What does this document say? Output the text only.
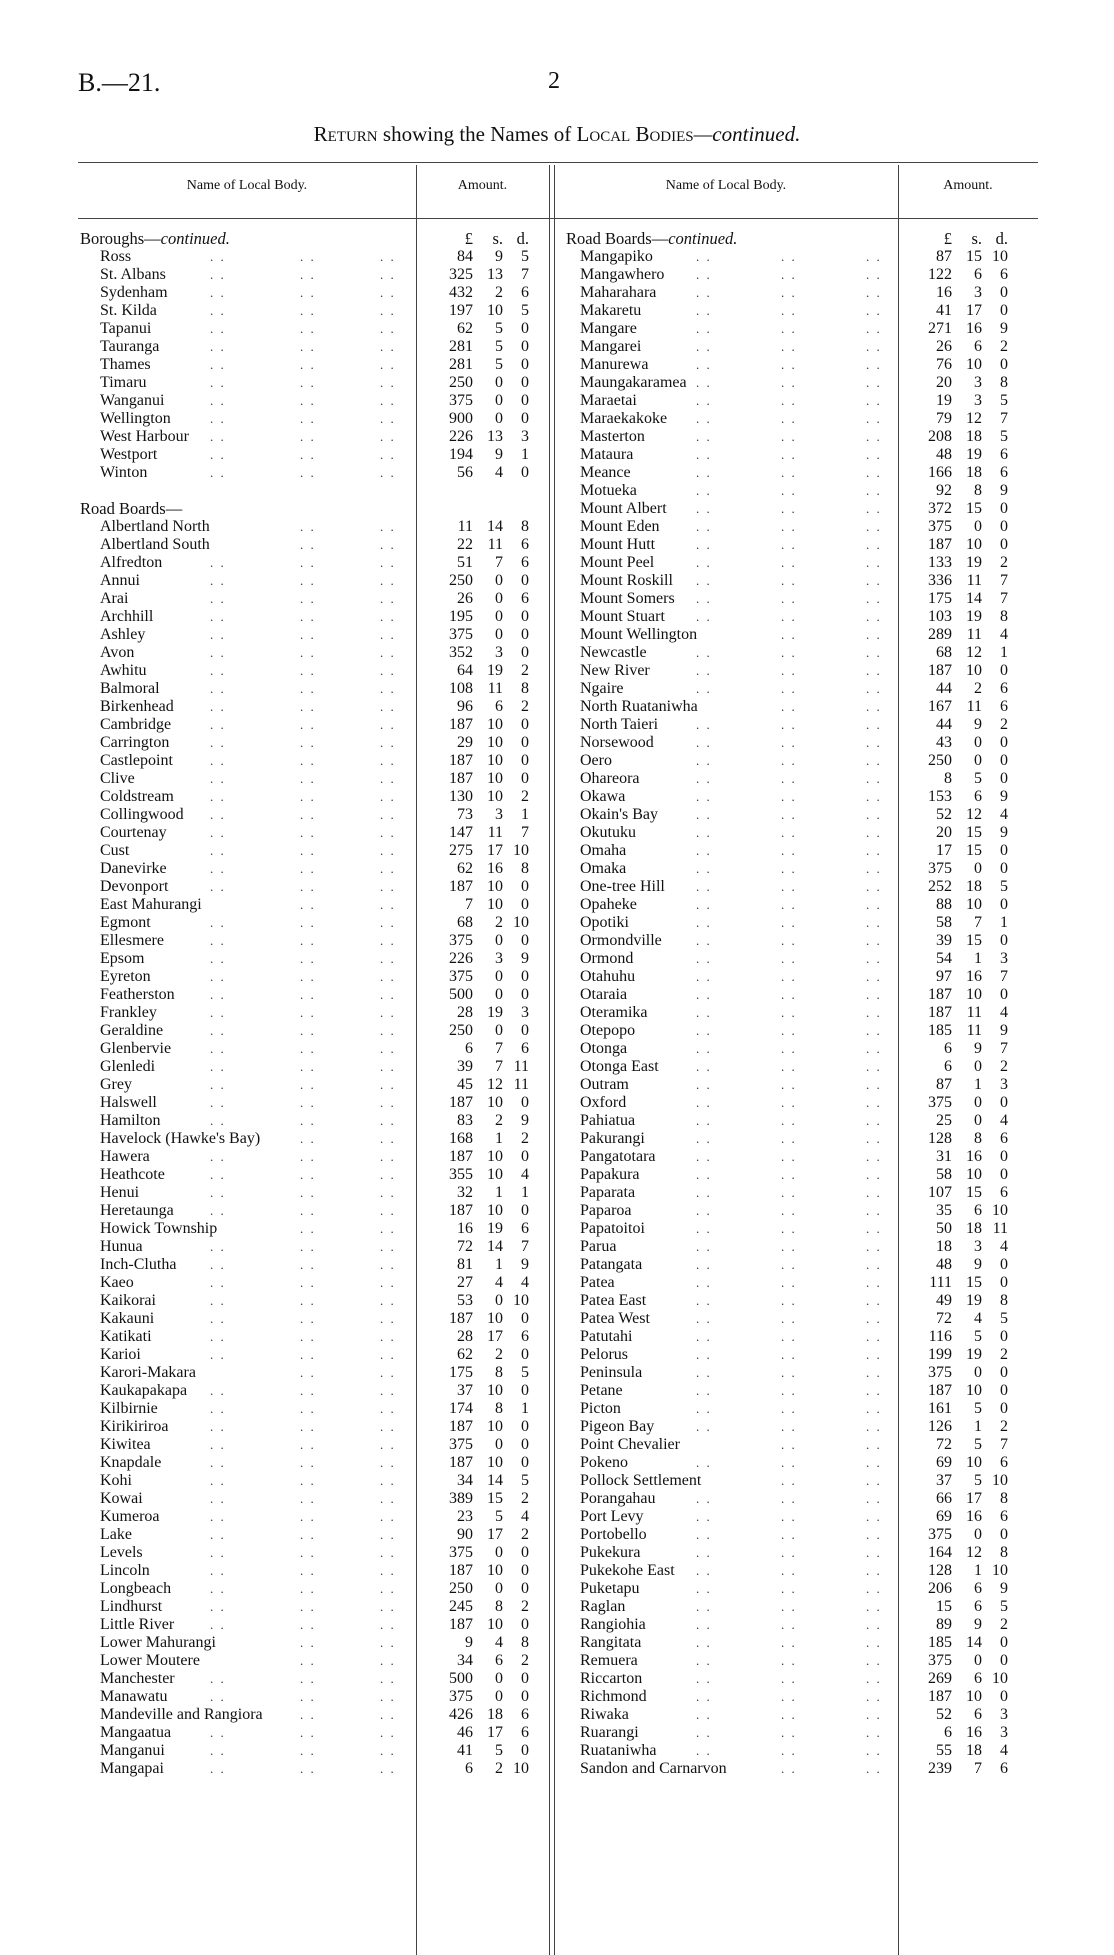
B.—21.	2
Return showing the Names of Local Bodies—continued.
Name of Local Body.	Amount.	Name of Local Body.	Amount.
Boroughs—continued.	£	s. d.
Ross	. .	. .	. .	84	9	5
St. Albans	. .	. .	. .	325 13	7
Sydenham	. .	. .	. .	432	2	6
St. Kilda	. .	. .	. .	197 10	5
Tapanui	. .	. .	. .	62	5	0
Tauranga	. .	. .	. .	281	5	0
Thames	. .	. .	. .	281	5	0
Timaru	. .	. .	. .	250	0	0
Wanganui	. .	. .	. .	375	0	0
Wellington	. .	. .	. .	900	0	0
West Harbour . .	. .	. .	226 13	3
Westport	. .	. .	. .	194	9	1
Winton	. .	. .	. .	56	4	0
Road Boards—
Albertland North	. .	. .	11 14	8
Albertland South	. .	. .	22 11	6
Alfredton	. .	. .	. .	51	7	6
Annui	. .	. .	. .	250	0	0
Arai	. .	. .	. .	26	0	6
Archhill	. .	. .	. .	195	0	0
Ashley	. .	. .	. .	375	0	0
Avon	. .	. .	. .	352	3	0
Awhitu	. .	. .	. .	64 19	2
Balmoral	. .	. .	. .	108 11	8
Birkenhead	. .	. .	. .	96	6	2
Cambridge	. .	. .	. .	187 10	0
Carrington	. .	. .	. .	29 10	0
Castlepoint	. .	. .	. .	187 10	0
Clive	. .	. .	. .	187 10	0
Coldstream	. .	. .	. .	130 10	2
Collingwood . .	. .	. .	73	3	1
Courtenay	. .	. .	. .	147 11	7
Cust	. .	. .	. .	275 17 10
Danevirke	. .	. .	. .	62 16	8
Devonport	. .	. .	. .	187 10	0
East Mahurangi	. .	. .	7 10	0
Egmont	. .	. .	. .	68	2 10
Ellesmere	. .	. .	. .	375	0	0
Epsom	. .	. .	. .	226	3	9
Eyreton	. .	. .	. .	375	0	0
Featherston	. .	. .	. .	500	0	0
Frankley	. .	. .	. .	28 19	3
Geraldine	. .	. .	. .	250	0	0
Glenbervie	. .	. .	. .	6	7	6
Glenledi	. .	. .	. .	39	7 11
Grey	. .	. .	. .	45 12 11
Halswell	. .	. .	. .	187 10	0
Hamilton	. .	. .	. .	83	2	9
Havelock (Hawke's Bay)	. .	. .	168	1	2
Hawera	. .	. .	. .	187 10	0
Heathcote	. .	. .	. .	355 10	4
Henui	. .	. .	. .	32	1	1
Heretaunga	. .	. .	. .	187 10	0
Howick Township	. .	. .	16 19	6
Hunua	. .	. .	. .	72 14	7
Inch-Clutha	. .	. .	. .	81	1	9
Kaeo	. .	. .	. .	27	4	4
Kaikorai	. .	. .	. .	53	0 10
Kakauni	. .	. .	. .	187 10	0
Katikati	. .	. .	. .	28 17	6
Karioi	. .	. .	. .	62	2	0
Karori-Makara	. .	. .	175	8	5
Kaukapakapa . .	. .	. .	37 10	0
Kilbirnie	. .	. .	. .	174	8	1
Kirikiriroa	. .	. .	. .	187 10	0
Kiwitea	. .	. .	. .	375	0	0
Knapdale	. .	. .	. .	187 10	0
Kohi	. .	. .	. .	34 14	5
Kowai	. .	. .	. .	389 15	2
Kumeroa	. .	. .	. .	23	5	4
Lake	. .	. .	. .	90 17	2
Levels	. .	. .	. .	375	0	0
Lincoln	. .	. .	. .	187 10	0
Longbeach	. .	. .	. .	250	0	0
Lindhurst	. .	. .	. .	245	8	2
Little River	. .	. .	. .	187 10	0
Lower Mahurangi	. .	. .	9	4	8
Lower Moutere	. .	. .	34	6	2
Manchester	. .	. .	. .	500	0	0
Manawatu	. .	. .	. .	375	0	0
Mandeville and Rangiora	. .	. .	426 18	6
Mangaatua	. .	. .	. .	46 17	6
Manganui	. .	. .	. .	41	5	0
Mangapai	. .	. .	. .	6	2 10
Road Boards—continued.	£	s. d.
Mangapiko	. .	. .	. .	87 15 10
Mangawhero . .	. .	. .	122	6	6
Maharahara	. .	. .	. .	16	3	0
Makaretu	. .	. .	. .	41 17	0
Mangare	. .	. .	. .	271 16	9
Mangarei	. .	. .	. .	26	6	2
Manurewa	. .	. .	. .	76 10	0
Maungakaramea . .	. .	. .	20	3	8
Maraetai	. .	. .	. .	19	3	5
Maraekakoke . .	. .	. .	79 12	7
Masterton	. .	. .	. .	208 18	5
Mataura	. .	. .	. .	48 19	6
Meance	. .	. .	. .	166 18	6
Motueka	. .	. .	. .	92	8	9
Mount Albert . .	. .	. .	372 15	0
Mount Eden	. .	. .	. .	375	0	0
Mount Hutt	. .	. .	. .	187 10	0
Mount Peel	. .	. .	. .	133 19	2
Mount Roskill . .	. .	. .	336 11	7
Mount Somers . .	. .	. .	175 14	7
Mount Stuart . .	. .	. .	103 19	8
Mount Wellington	. .	. .	289 11	4
Newcastle	. .	. .	. .	68 12	1
New River	. .	. .	. .	187 10	0
Ngaire	. .	. .	. .	44	2	6
North Ruataniwha	. .	. .	167 11	6
North Taieri	. .	. .	. .	44	9	2
Norsewood	. .	. .	. .	43	0	0
Oero	. .	. .	. .	250	0	0
Ohareora	. .	. .	. .	8	5	0
Okawa	. .	. .	. .	153	6	9
Okain's Bay	. .	. .	. .	52 12	4
Okutuku	. .	. .	. .	20 15	9
Omaha	. .	. .	. .	17 15	0
Omaka	. .	. .	. .	375	0	0
One-tree Hill . .	. .	. .	252 18	5
Opaheke	. .	. .	. .	88 10	0
Opotiki	. .	. .	. .	58	7	1
Ormondville	. .	. .	. .	39 15	0
Ormond	. .	. .	. .	54	1	3
Otahuhu	. .	. .	. .	97 16	7
Otaraia	. .	. .	. .	187 10	0
Oteramika	. .	. .	. .	187 11	4
Otepopo	. .	. .	. .	185 11	9
Otonga	. .	. .	. .	6	9	7
Otonga East	. .	. .	. .	6	0	2
Outram	. .	. .	. .	87	1	3
Oxford	. .	. .	. .	375	0	0
Pahiatua	. .	. .	. .	25	0	4
Pakurangi	. .	. .	. .	128	8	6
Pangatotara	. .	. .	. .	31 16	0
Papakura	. .	. .	. .	58 10	0
Paparata	. .	. .	. .	107 15	6
Paparoa	. .	. .	. .	35	6 10
Papatoitoi	. .	. .	. .	50 18 11
Parua	. .	. .	. .	18	3	4
Patangata	. .	. .	. .	48	9	0
Patea	. .	. .	. .	111 15	0
Patea East	. .	. .	. .	49 19	8
Patea West	. .	. .	. .	72	4	5
Patutahi	. .	. .	. .	116	5	0
Pelorus	. .	. .	. .	199 19	2
Peninsula	. .	. .	. .	375	0	0
Petane	. .	. .	. .	187 10	0
Picton	. .	. .	. .	161	5	0
Pigeon Bay	. .	. .	. .	126	1	2
Point Chevalier	. .	. .	72	5	7
Pokeno	. .	. .	. .	69 10	6
Pollock Settlement	. .	. .	37	5 10
Porangahau	. .	. .	. .	66 17	8
Port Levy	. .	. .	. .	69 16	6
Portobello	. .	. .	. .	375	0	0
Pukekura	. .	. .	. .	164 12	8
Pukekohe East . .	. .	. .	128	1 10
Puketapu	. .	. .	. .	206	6	9
Raglan	. .	. .	. .	15	6	5
Rangiohia	. .	. .	. .	89	9	2
Rangitata	. .	. .	. .	185 14	0
Remuera	. .	. .	. .	375	0	0
Riccarton	. .	. .	. .	269	6 10
Richmond	. .	. .	. .	187 10	0
Riwaka	. .	. .	. .	52	6	3
Ruarangi	. .	. .	. .	6 16	3
Ruataniwha	. .	. .	. .	55 18	4
Sandon and Carnarvon	. .	. .	239	7	6
